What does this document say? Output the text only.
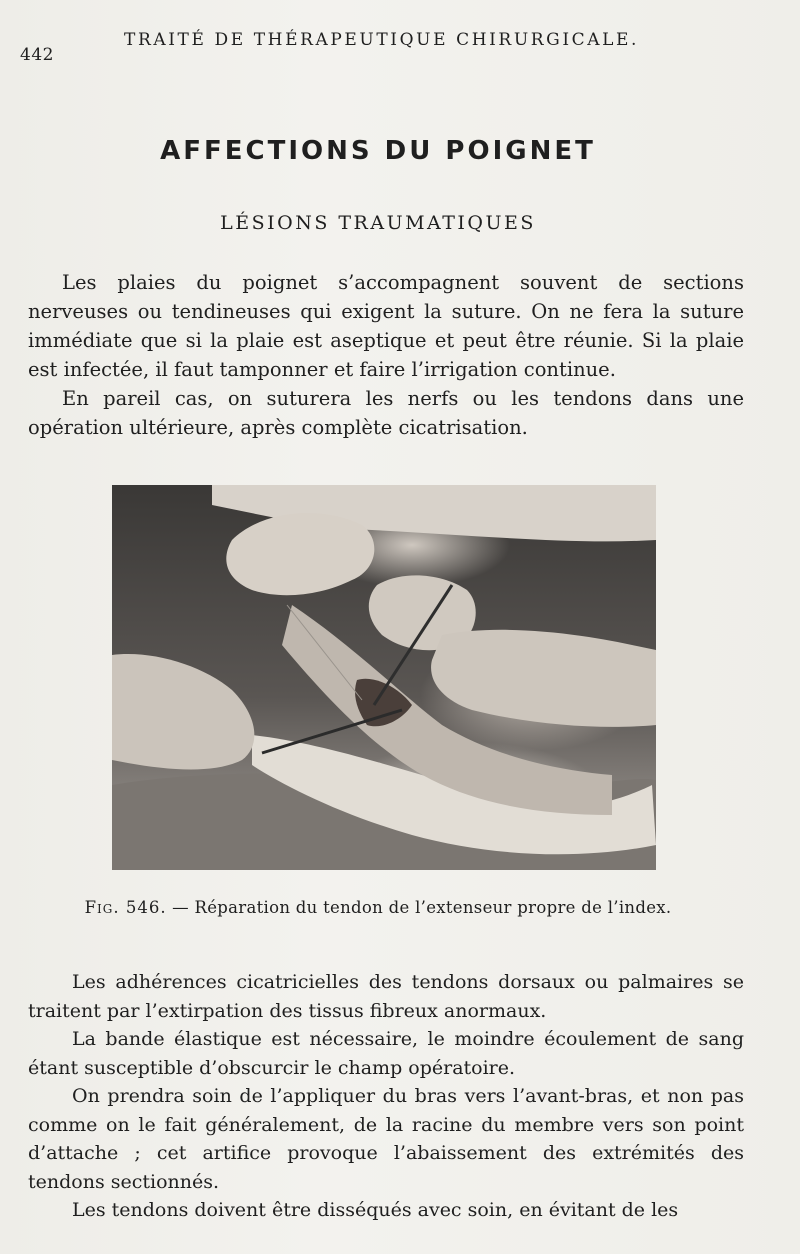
442
TRAITÉ DE THÉRAPEUTIQUE CHIRURGICALE.
AFFECTIONS DU POIGNET
LÉSIONS TRAUMATIQUES

Les plaies du poignet s’accompagnent souvent de sections nerveuses ou tendineuses qui exigent la suture. On ne fera la suture immédiate que si la plaie est aseptique et peut être réunie. Si la plaie est infectée, il faut tamponner et faire l’irrigation continue.

En pareil cas, on suturera les nerfs ou les tendons dans une opération ultérieure, après complète cicatrisation.

Fig. 546. — Réparation du tendon de l’extenseur propre de l’index.
Les adhérences cicatricielles des tendons dorsaux ou palmaires se traitent par l’extirpation des tissus fibreux anormaux.
La bande élastique est nécessaire, le moindre écoulement de sang étant susceptible d’obscurcir le champ opératoire.
On prendra soin de l’appliquer du bras vers l’avant-bras, et non pas comme on le fait généralement, de la racine du membre vers son point d’attache ; cet artifice provoque l’abaissement des extrémités des tendons sectionnés.
Les tendons doivent être disséqués avec soin, en évitant de les
